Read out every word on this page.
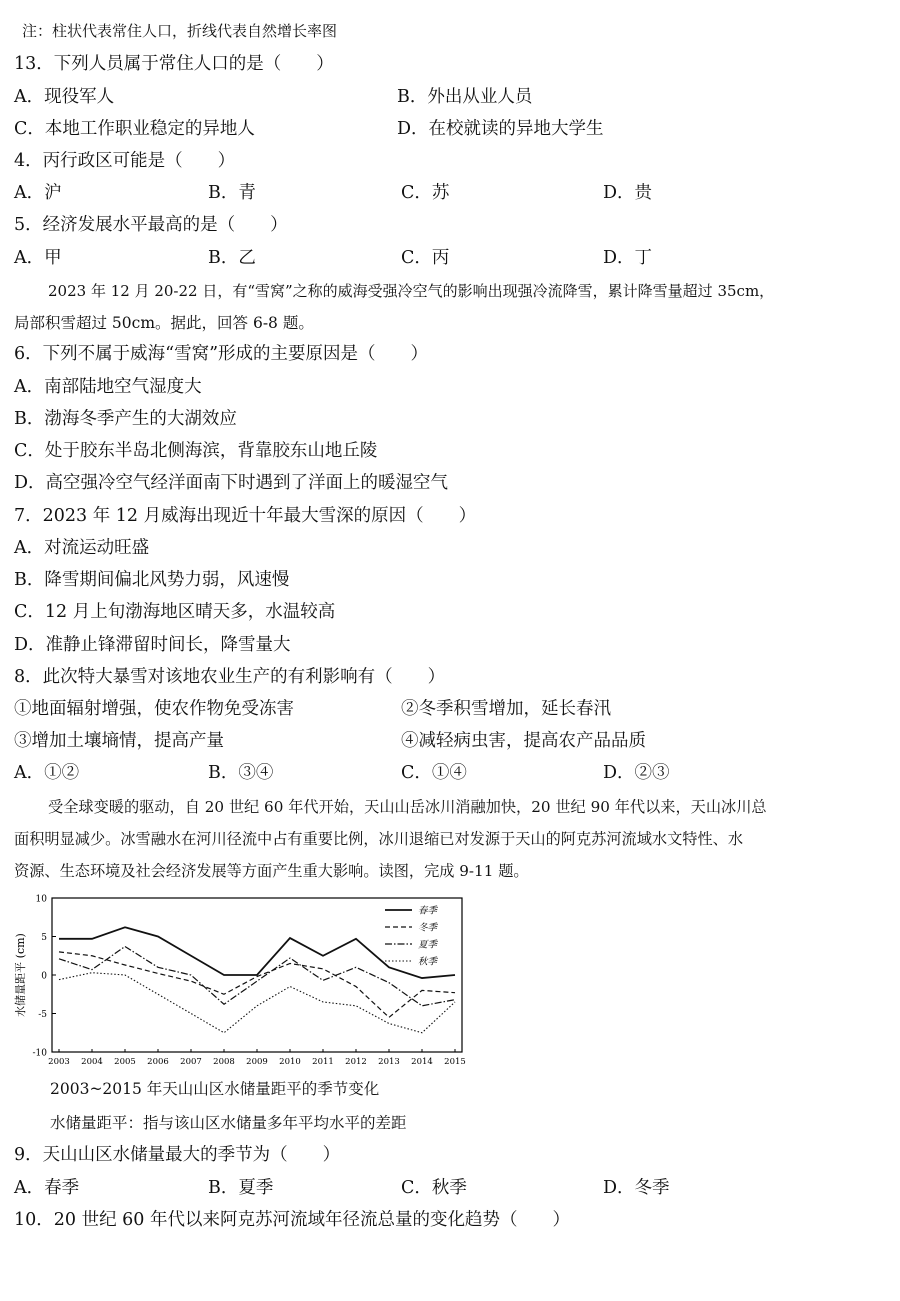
注：柱状代表常住人口，折线代表自然增长率图
13．下列人员属于常住人口的是（　　）
A．现役军人	B．外出从业人员
C．本地工作职业稳定的异地人	D．在校就读的异地大学生
4．丙行政区可能是（　　）
A．沪	B．青	C．苏	D．贵
5．经济发展水平最高的是（　　）
A．甲	B．乙	C．丙	D．丁
2023 年 12 月 20-22 日，有“雪窝”之称的威海受强冷空气的影响出现强冷流降雪，累计降雪量超过 35cm，
局部积雪超过 50cm。据此，回答 6-8 题。
6．下列不属于威海“雪窝”形成的主要原因是（　　）
A．南部陆地空气湿度大
B．渤海冬季产生的大湖效应
C．处于胶东半岛北侧海滨，背靠胶东山地丘陵
D．高空强冷空气经洋面南下时遇到了洋面上的暖湿空气
7．2023 年 12 月威海出现近十年最大雪深的原因（　　）
A．对流运动旺盛
B．降雪期间偏北风势力弱，风速慢
C．12 月上旬渤海地区晴天多，水温较高
D．准静止锋滞留时间长，降雪量大
8．此次特大暴雪对该地农业生产的有利影响有（　　）
①地面辐射增强，使农作物免受冻害	②冬季积雪增加，延长春汛
③增加土壤墒情，提高产量	④减轻病虫害，提高农产品品质
A．①②	B．③④	C．①④	D．②③
受全球变暖的驱动，自 20 世纪 60 年代开始，天山山岳冰川消融加快，20 世纪 90 年代以来，天山冰川总
面积明显减少。冰雪融水在河川径流中占有重要比例，冰川退缩已对发源于天山的阿克苏河流域水文特性、水
资源、生态环境及社会经济发展等方面产生重大影响。读图，完成 9-11 题。
10
5
0
-5
-10
2003 2004 2005 2006 2007 2008 2009 2010 2011 2012 2013 2014 2015
水储量距平 (cm)
春季
冬季
夏季
秋季
2003~2015 年天山山区水储量距平的季节变化
水储量距平：指与该山区水储量多年平均水平的差距
9．天山山区水储量最大的季节为（　　）
A．春季	B．夏季	C．秋季	D．冬季
10．20 世纪 60 年代以来阿克苏河流域年径流总量的变化趋势（　　）
